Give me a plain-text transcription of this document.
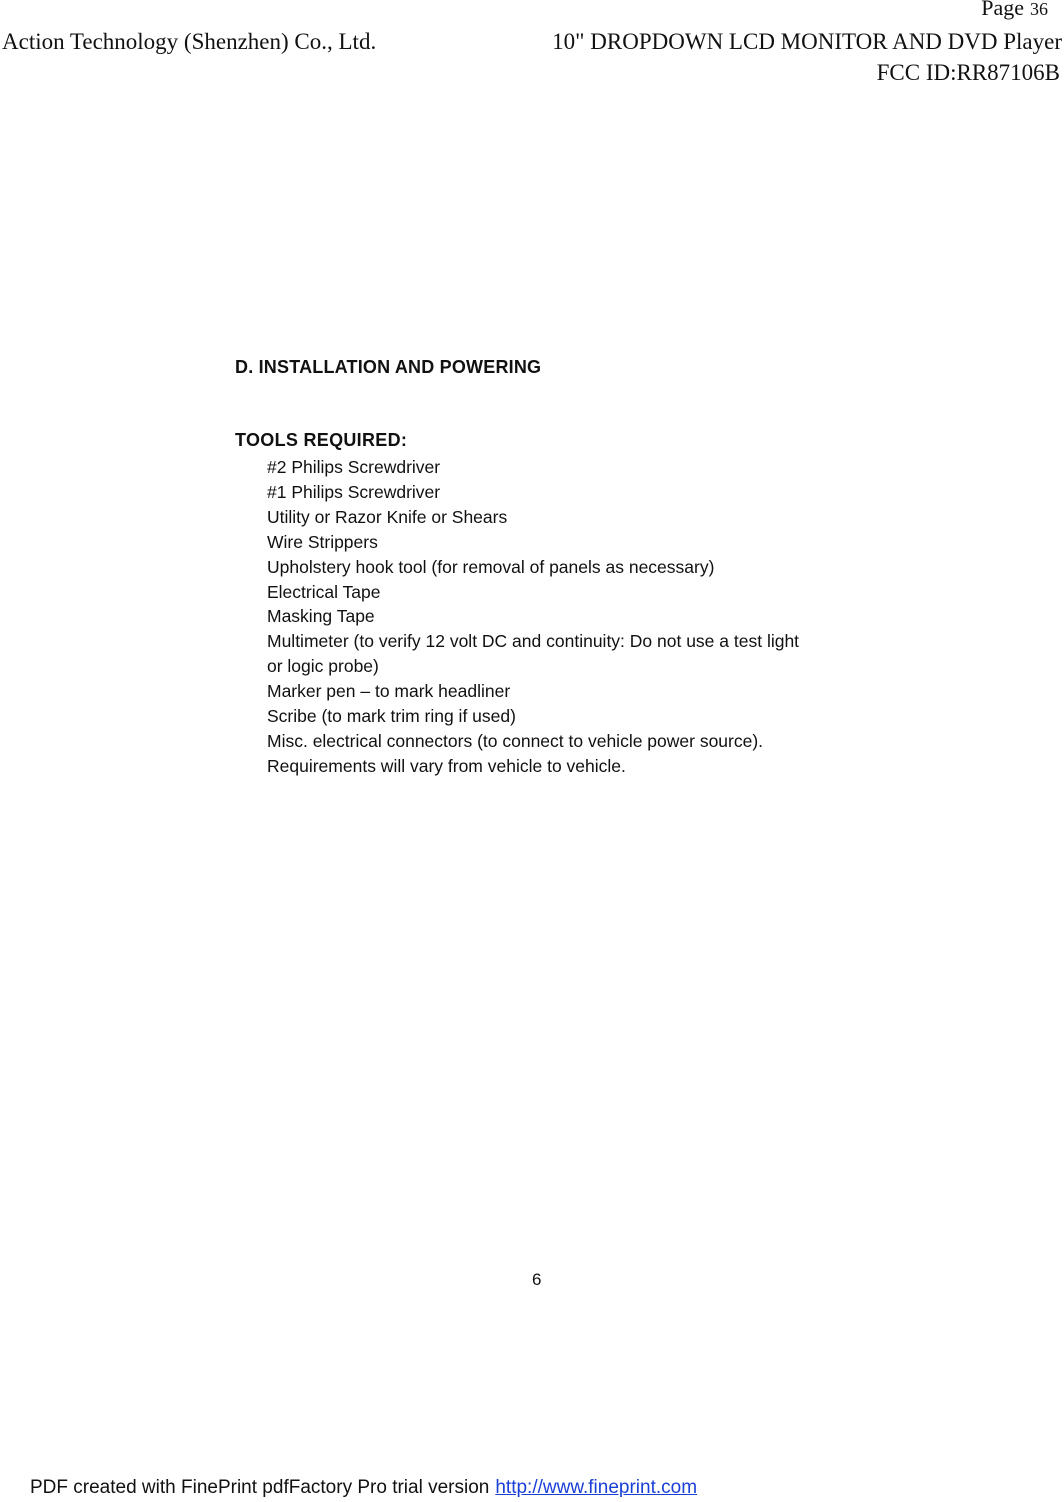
Page 36
Action Technology (Shenzhen) Co., Ltd.	10" DROPDOWN LCD MONITOR AND DVD Player
FCC ID:RR87106B
D. INSTALLATION AND POWERING
TOOLS REQUIRED:
#2 Philips Screwdriver
#1 Philips Screwdriver
Utility or Razor Knife or Shears
Wire Strippers
Upholstery hook tool (for removal of panels as necessary)
Electrical Tape
Masking Tape
Multimeter (to verify 12 volt DC and continuity: Do not use a test light
or logic probe)
Marker pen – to mark headliner
Scribe (to mark trim ring if used)
Misc. electrical connectors (to connect to vehicle power source).
Requirements will vary from vehicle to vehicle.
6
PDF created with FinePrint pdfFactory Pro trial version http://www.fineprint.com
